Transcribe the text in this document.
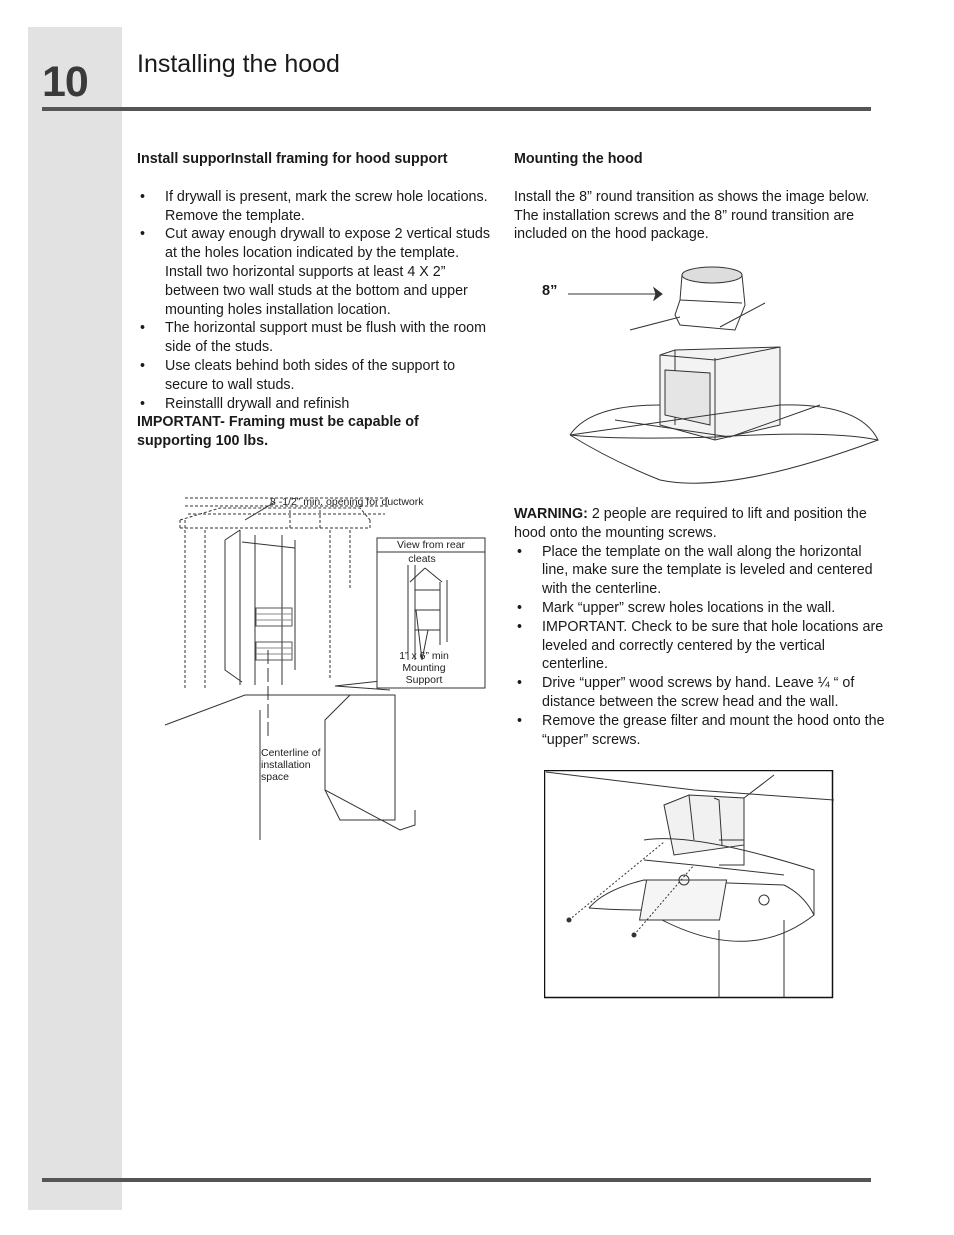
10 Installing the hood
Install supporInstall framing for hood support
• If drywall is present, mark the screw hole locations. Remove the template.
• Cut away enough drywall to expose 2 vertical studs at the holes location indicated by the template.

Install two horizontal supports at least 4 X 2” between two wall studs at the bottom and upper mounting holes installation location.

• The horizontal support must be flush with the room side of the studs.
• Use cleats behind both sides of the support to secure to wall studs.
• Reinstalll drywall and refinish

IMPORTANT- Framing must be capable of supporting 100 lbs.

8 -1/2” min. opening for ductwork
View from rear
cleats
1” x 6” min
Mounting
Support
Centerline of
installation
space
Mounting the hood

Install the 8” round transition as shows the image below. The installation screws and the 8” round transition are included on the hood package.

8”

WARNING: 2 people are required to lift and position the hood onto the mounting screws.

• Place the template on the wall along the horizontal line, make sure the template is leveled and centered with the centerline.
• Mark “upper” screw holes locations in the wall.
• IMPORTANT. Check to be sure that hole locations are leveled and correctly centered by the vertical centerline.
• Drive “upper” wood screws by hand. Leave ¼ “ of distance between the screw head and the wall.
• Remove the grease filter and mount the hood onto the “upper” screws.
